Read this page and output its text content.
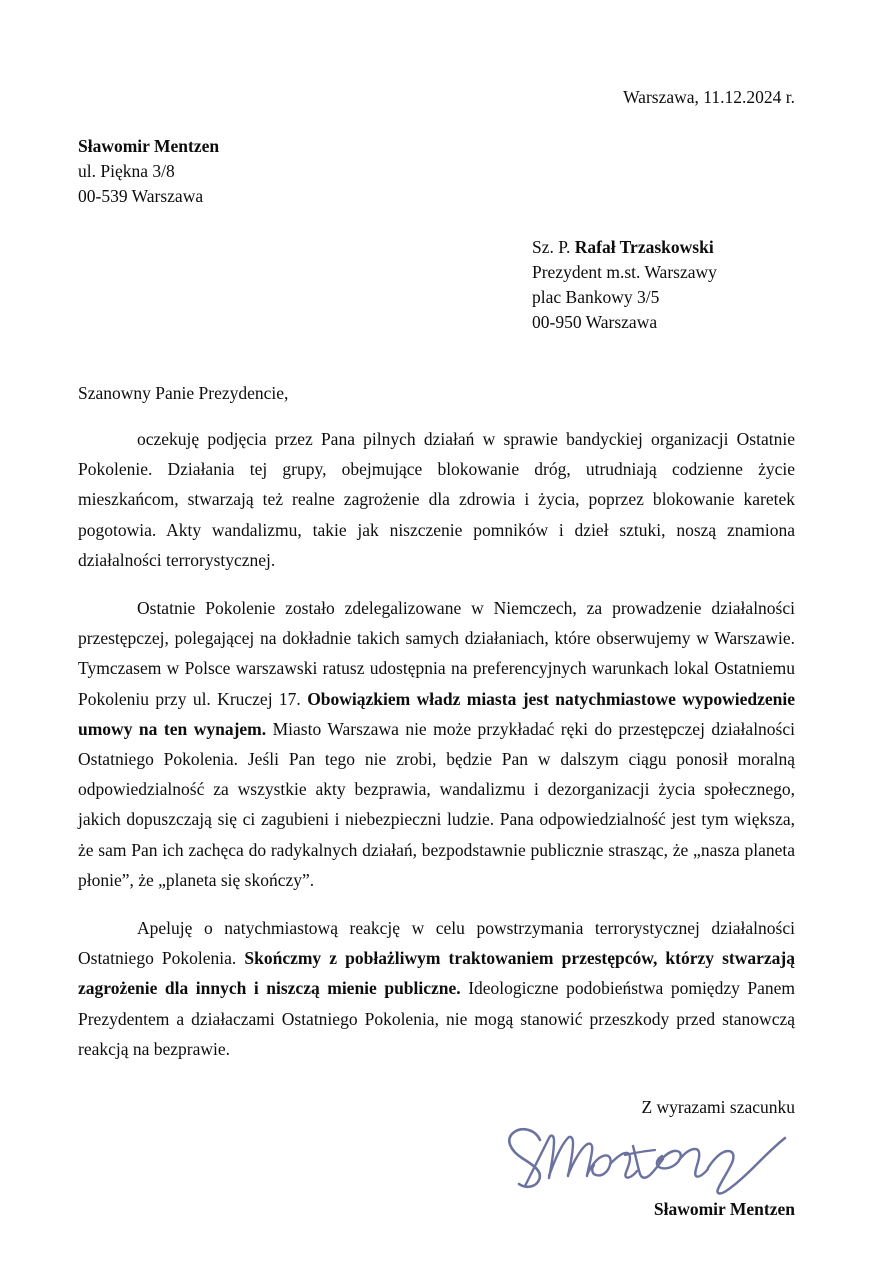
Warszawa, 11.12.2024 r.
Sławomir Mentzen
ul. Piękna 3/8
00-539 Warszawa
Sz. P. Rafał Trzaskowski
Prezydent m.st. Warszawy
plac Bankowy 3/5
00-950 Warszawa
Szanowny Panie Prezydencie,

oczekuję podjęcia przez Pana pilnych działań w sprawie bandyckiej organizacji Ostatnie Pokolenie. Działania tej grupy, obejmujące blokowanie dróg, utrudniają codzienne życie mieszkańcom, stwarzają też realne zagrożenie dla zdrowia i życia, poprzez blokowanie karetek pogotowia. Akty wandalizmu, takie jak niszczenie pomników i dzieł sztuki, noszą znamiona działalności terrorystycznej.

Ostatnie Pokolenie zostało zdelegalizowane w Niemczech, za prowadzenie działalności przestępczej, polegającej na dokładnie takich samych działaniach, które obserwujemy w Warszawie. Tymczasem w Polsce warszawski ratusz udostępnia na preferencyjnych warunkach lokal Ostatniemu Pokoleniu przy ul. Kruczej 17. Obowiązkiem władz miasta jest natychmiastowe wypowiedzenie umowy na ten wynajem. Miasto Warszawa nie może przykładać ręki do przestępczej działalności Ostatniego Pokolenia. Jeśli Pan tego nie zrobi, będzie Pan w dalszym ciągu ponosił moralną odpowiedzialność za wszystkie akty bezprawia, wandalizmu i dezorganizacji życia społecznego, jakich dopuszczają się ci zagubieni i niebezpieczni ludzie. Pana odpowiedzialność jest tym większa, że sam Pan ich zachęca do radykalnych działań, bezpodstawnie publicznie strasząc, że „nasza planeta płonie”, że „planeta się skończy”.

Apeluję o natychmiastową reakcję w celu powstrzymania terrorystycznej działalności Ostatniego Pokolenia. Skończmy z pobłażliwym traktowaniem przestępców, którzy stwarzają zagrożenie dla innych i niszczą mienie publiczne. Ideologiczne podobieństwa pomiędzy Panem Prezydentem a działaczami Ostatniego Pokolenia, nie mogą stanowić przeszkody przed stanowczą reakcją na bezprawie.

Z wyrazami szacunku
Sławomir Mentzen
